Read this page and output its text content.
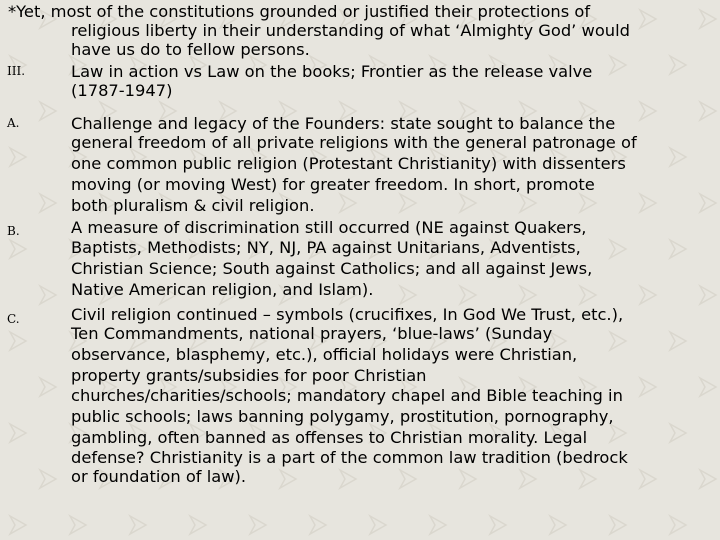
*Yet, most of the constitutions grounded or justified their protections of
religious liberty in their understanding of what ‘Almighty God’ would
have us do to fellow persons.
III.	Law in action vs Law on the books; Frontier as the release valve
(1787-1947)
A.	Challenge and legacy of the Founders: state sought to balance the
general freedom of all private religions with the general patronage of
one common public religion (Protestant Christianity) with dissenters
moving (or moving West) for greater freedom. In short, promote
both pluralism & civil religion.
B.	A measure of discrimination still occurred (NE against Quakers,
Baptists, Methodists; NY, NJ, PA against Unitarians, Adventists,
Christian Science; South against Catholics; and all against Jews,
Native American religion, and Islam).
C.	Civil religion continued – symbols (crucifixes, In God We Trust, etc.),
Ten Commandments, national prayers, ‘blue-laws’ (Sunday
observance, blasphemy, etc.), official holidays were Christian,
property grants/subsidies for poor Christian
churches/charities/schools; mandatory chapel and Bible teaching in
public schools; laws banning polygamy, prostitution, pornography,
gambling, often banned as offenses to Christian morality. Legal
defense? Christianity is a part of the common law tradition (bedrock
or foundation of law).
